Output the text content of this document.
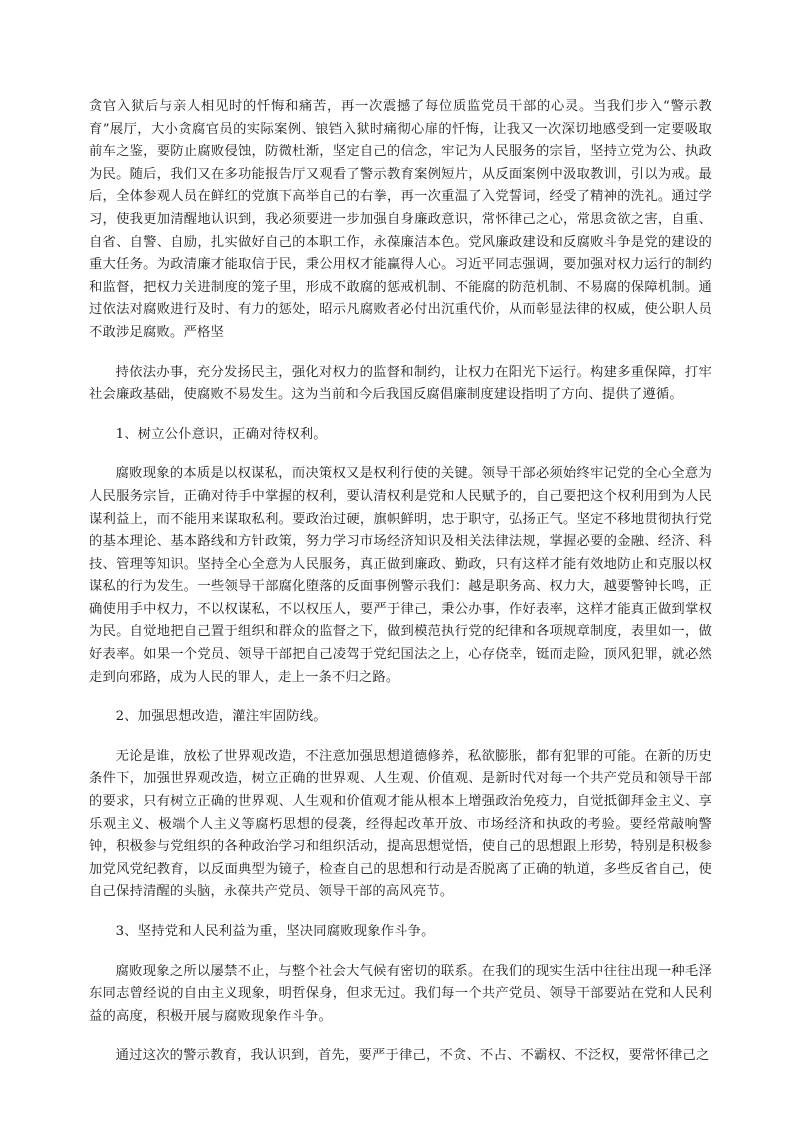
贪官入狱后与亲人相见时的忏悔和痛苦，再一次震撼了每位质监党员干部的心灵。当我们步入“警示教育”展厅，大小贪腐官员的实际案例、锒铛入狱时痛彻心扉的忏悔，让我又一次深切地感受到一定要吸取前车之鉴，要防止腐败侵蚀，防微杜渐，坚定自己的信念，牢记为人民服务的宗旨，坚持立党为公、执政为民。随后，我们又在多功能报告厅又观看了警示教育案例短片，从反面案例中汲取教训，引以为戒。最后，全体参观人员在鲜红的党旗下高举自己的右拳，再一次重温了入党誓词，经受了精神的洗礼。通过学习，使我更加清醒地认识到，我必须要进一步加强自身廉政意识，常怀律己之心，常思贪欲之害，自重、自省、自警、自励，扎实做好自己的本职工作，永葆廉洁本色。党风廉政建设和反腐败斗争是党的建设的重大任务。为政清廉才能取信于民，秉公用权才能赢得人心。习近平同志强调，要加强对权力运行的制约和监督，把权力关进制度的笼子里，形成不敢腐的惩戒机制、不能腐的防范机制、不易腐的保障机制。通过依法对腐败进行及时、有力的惩处，昭示凡腐败者必付出沉重代价，从而彰显法律的权威，使公职人员不敢涉足腐败。严格坚

持依法办事，充分发扬民主，强化对权力的监督和制约，让权力在阳光下运行。构建多重保障，打牢社会廉政基础，使腐败不易发生。这为当前和今后我国反腐倡廉制度建设指明了方向、提供了遵循。

1、树立公仆意识，正确对待权利。

腐败现象的本质是以权谋私，而决策权又是权利行使的关键。领导干部必须始终牢记党的全心全意为人民服务宗旨，正确对待手中掌握的权利，要认清权利是党和人民赋予的，自己要把这个权利用到为人民谋利益上，而不能用来谋取私利。要政治过硬，旗帜鲜明，忠于职守，弘扬正气。坚定不移地贯彻执行党的基本理论、基本路线和方针政策，努力学习市场经济知识及相关法律法规，掌握必要的金融、经济、科技、管理等知识。坚持全心全意为人民服务，真正做到廉政、勤政，只有这样才能有效地防止和克服以权谋私的行为发生。一些领导干部腐化堕落的反面事例警示我们：越是职务高、权力大，越要警钟长鸣，正确使用手中权力，不以权谋私，不以权压人，要严于律己，秉公办事，作好表率，这样才能真正做到掌权为民。自觉地把自己置于组织和群众的监督之下，做到模范执行党的纪律和各项规章制度，表里如一，做好表率。如果一个党员、领导干部把自己凌驾于党纪国法之上，心存侥幸，铤而走险，顶风犯罪，就必然走到向邪路，成为人民的罪人，走上一条不归之路。

2、加强思想改造，灌注牢固防线。

无论是谁，放松了世界观改造，不注意加强思想道德修养，私欲膨胀，都有犯罪的可能。在新的历史条件下，加强世界观改造，树立正确的世界观、人生观、价值观、是新时代对每一个共产党员和领导干部的要求，只有树立正确的世界观、人生观和价值观才能从根本上增强政治免疫力，自觉抵御拜金主义、享乐观主义、极端个人主义等腐朽思想的侵袭，经得起改革开放、市场经济和执政的考验。要经常敲响警钟，积极参与党组织的各种政治学习和组织活动，提高思想觉悟，使自己的思想跟上形势，特别是积极参加党风党纪教育，以反面典型为镜子，检查自己的思想和行动是否脱离了正确的轨道，多些反省自己，使自己保持清醒的头脑，永葆共产党员、领导干部的高风亮节。

3、坚持党和人民利益为重，坚决同腐败现象作斗争。

腐败现象之所以屡禁不止，与整个社会大气候有密切的联系。在我们的现实生活中往往出现一种毛泽东同志曾经说的自由主义现象，明哲保身，但求无过。我们每一个共产党员、领导干部要站在党和人民利益的高度，积极开展与腐败现象作斗争。

通过这次的警示教育，我认识到，首先，要严于律己，不贪、不占、不霸权、不泛权，要常怀律己之
